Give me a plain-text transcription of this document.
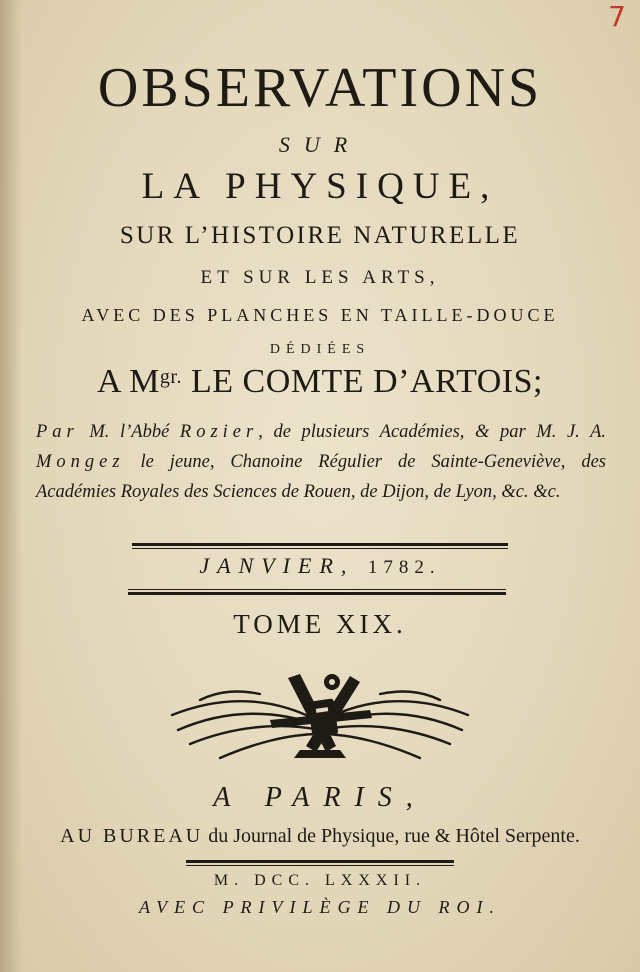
7
OBSERVATIONS
SUR
LA PHYSIQUE,
SUR L’HISTOIRE NATURELLE
ET SUR LES ARTS,
AVEC DES PLANCHES EN TAILLE-DOUCE
DÉDIÉES
A $M^{gr.}$ LE COMTE D’ARTOIS;
Par M. l’Abbé Rozier, de plusieurs Académies, & par M. J. A. Mongez le jeune, Chanoine Régulier de Sainte-Geneviève, des Académies Royales des Sciences de Rouen, de Dijon, de Lyon, &c. &c.
JANVIER, 1782.
TOME XIX.
A PARIS,
AU BUREAU du Journal de Physique, rue & Hôtel Serpente.
M. DCC. LXXXII.
AVEC PRIVILÈGE DU ROI.
